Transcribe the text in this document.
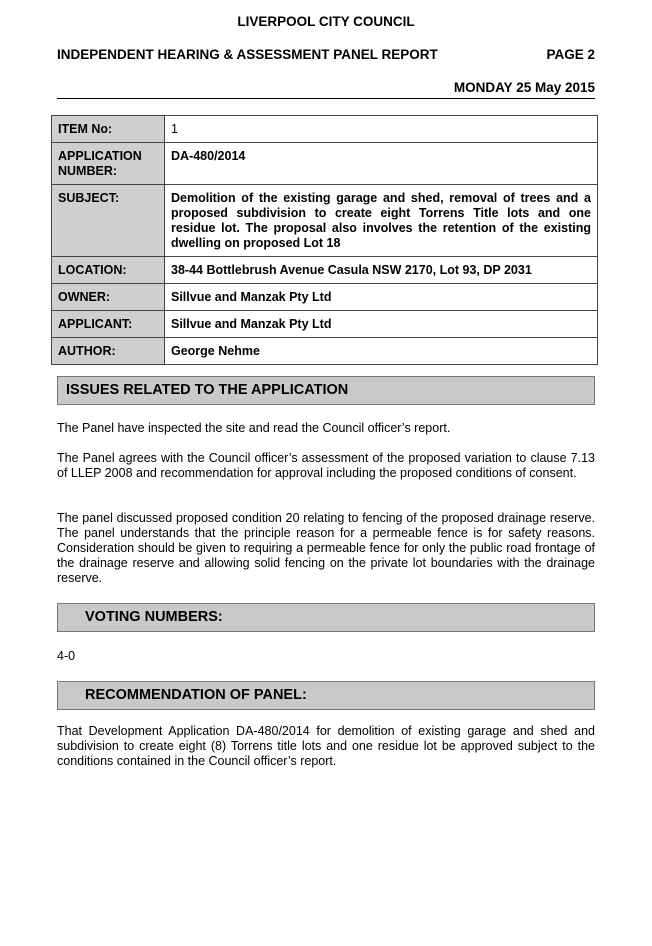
LIVERPOOL CITY COUNCIL
INDEPENDENT HEARING & ASSESSMENT PANEL REPORT	PAGE 2
MONDAY 25 May 2015
ITEM No:	1
APPLICATION NUMBER:	DA-480/2014
SUBJECT:	Demolition of the existing garage and shed, removal of trees and a proposed subdivision to create eight Torrens Title lots and one residue lot. The proposal also involves the retention of the existing dwelling on proposed Lot 18
LOCATION:	38-44 Bottlebrush Avenue Casula NSW 2170, Lot 93, DP 2031
OWNER:	Sillvue and Manzak Pty Ltd
APPLICANT:	Sillvue and Manzak Pty Ltd
AUTHOR:	George Nehme
ISSUES RELATED TO THE APPLICATION

The Panel have inspected the site and read the Council officer’s report.

The Panel agrees with the Council officer’s assessment of the proposed variation to clause 7.13 of LLEP 2008 and recommendation for approval including the proposed conditions of consent.

The panel discussed proposed condition 20 relating to fencing of the proposed drainage reserve. The panel understands that the principle reason for a permeable fence is for safety reasons. Consideration should be given to requiring a permeable fence for only the public road frontage of the drainage reserve and allowing solid fencing on the private lot boundaries with the drainage reserve.

VOTING NUMBERS:

4-0

RECOMMENDATION OF PANEL:

That Development Application DA-480/2014 for demolition of existing garage and shed and subdivision to create eight (8) Torrens title lots and one residue lot be approved subject to the conditions contained in the Council officer’s report.
